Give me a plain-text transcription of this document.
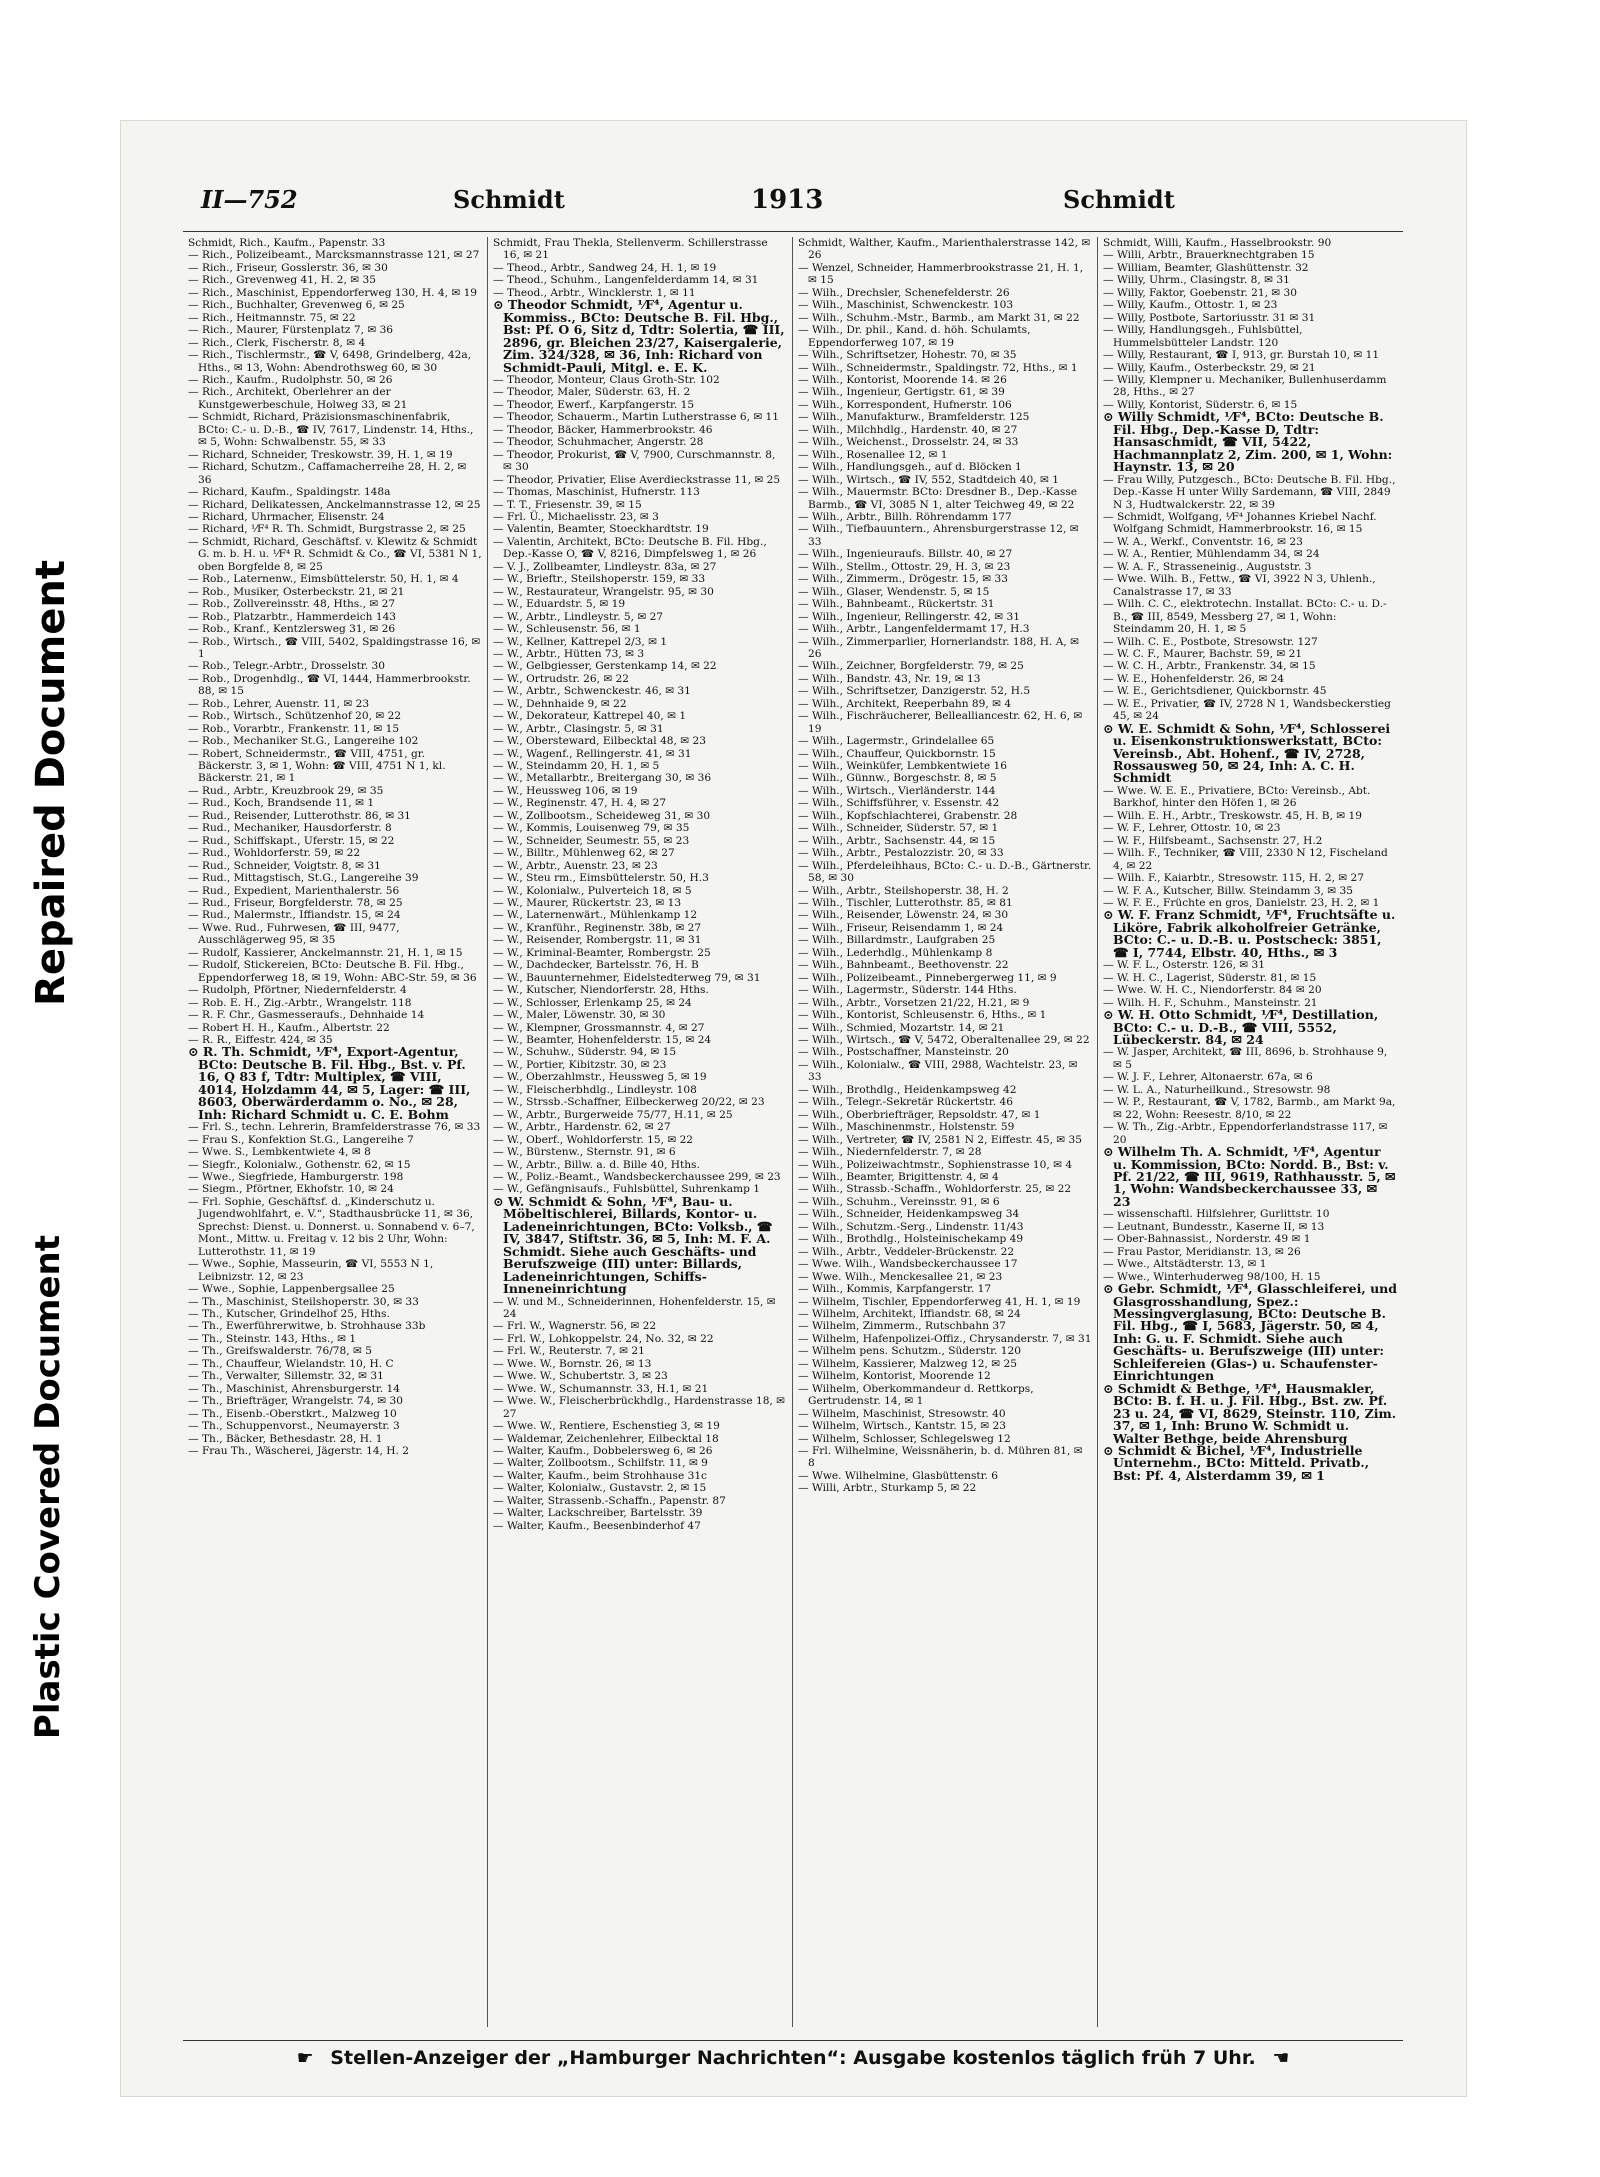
Repaired Document
Plastic Covered Document
II—752	Schmidt	1913	Schmidt

Schmidt, Rich., Kaufm., Papenstr. 33

— Rich., Polizeibeamt., Marcksmannstrasse 121, ✉ 27

— Rich., Friseur, Gosslerstr. 36, ✉ 30

— Rich., Grevenweg 41, H. 2, ✉ 35

— Rich., Maschinist, Eppendorferweg 130, H. 4, ✉ 19

— Rich., Buchhalter, Grevenweg 6, ✉ 25

— Rich., Heitmannstr. 75, ✉ 22

— Rich., Maurer, Fürstenplatz 7, ✉ 36

— Rich., Clerk, Fischerstr. 8, ✉ 4

— Rich., Tischlermstr., ☎ V, 6498, Grindelberg, 42a, Hths., ✉ 13, Wohn: Abendrothsweg 60, ✉ 30

— Rich., Kaufm., Rudolphstr. 50, ✉ 26

— Rich., Architekt, Oberlehrer an der Kunstgewerbeschule, Holweg 33, ✉ 21

— Schmidt, Richard, Präzisionsmaschinenfabrik, BCto: C.- u. D.-B., ☎ IV, 7617, Lindenstr. 14, Hths., ✉ 5, Wohn: Schwalbenstr. 55, ✉ 33

— Richard, Schneider, Treskowstr. 39, H. 1, ✉ 19

— Richard, Schutzm., Caffamacherreihe 28, H. 2, ✉ 36

— Richard, Kaufm., Spaldingstr. 148a

— Richard, Delikatessen, Anckelmannstrasse 12, ✉ 25

— Richard, Uhrmacher, Elisenstr. 24

— Richard, ⅟F⁴ R. Th. Schmidt, Burgstrasse 2, ✉ 25

— Schmidt, Richard, Geschäftsf. v. Klewitz & Schmidt G. m. b. H. u. ⅟F⁴ R. Schmidt & Co., ☎ VI, 5381 N 1, oben Borgfelde 8, ✉ 25

— Rob., Laternenw., Eimsbüttelerstr. 50, H. 1, ✉ 4

— Rob., Musiker, Osterbeckstr. 21, ✉ 21

— Rob., Zollvereinsstr. 48, Hths., ✉ 27

— Rob., Platzarbtr., Hammerdeich 143

— Rob., Kranf., Kentzlersweg 31, ✉ 26

— Rob., Wirtsch., ☎ VIII, 5402, Spaldingstrasse 16, ✉ 1

— Rob., Telegr.-Arbtr., Drosselstr. 30

— Rob., Drogenhdlg., ☎ VI, 1444, Hammerbrookstr. 88, ✉ 15

— Rob., Lehrer, Auenstr. 11, ✉ 23

— Rob., Wirtsch., Schützenhof 20, ✉ 22

— Rob., Vorarbtr., Frankenstr. 11, ✉ 15

— Rob., Mechaniker St.G., Langereihe 102

— Robert, Schneidermstr., ☎ VIII, 4751, gr. Bäckerstr. 3, ✉ 1, Wohn: ☎ VIII, 4751 N 1, kl. Bäckerstr. 21, ✉ 1

— Rud., Arbtr., Kreuzbrook 29, ✉ 35

— Rud., Koch, Brandsende 11, ✉ 1

— Rud., Reisender, Lutterothstr. 86, ✉ 31

— Rud., Mechaniker, Hausdorferstr. 8

— Rud., Schiffskapt., Uferstr. 15, ✉ 22

— Rud., Wohldorferstr. 59, ✉ 22

— Rud., Schneider, Voigtstr. 8, ✉ 31

— Rud., Mittagstisch, St.G., Langereihe 39

— Rud., Expedient, Marienthalerstr. 56

— Rud., Friseur, Borgfelderstr. 78, ✉ 25

— Rud., Malermstr., Iffiandstr. 15, ✉ 24

— Wwe. Rud., Fuhrwesen, ☎ III, 9477, Ausschlägerweg 95, ✉ 35

— Rudolf, Kassierer, Anckelmannstr. 21, H. 1, ✉ 15

— Rudolf, Stickereien, BCto: Deutsche B. Fil. Hbg., Eppendorferweg 18, ✉ 19, Wohn: ABC-Str. 59, ✉ 36

— Rudolph, Pförtner, Niedernfelderstr. 4

— Rob. E. H., Zig.-Arbtr., Wrangelstr. 118

— R. F. Chr., Gasmesseraufs., Dehnhaide 14

— Robert H. H., Kaufm., Albertstr. 22

— R. R., Eiffestr. 424, ✉ 35

⊙ R. Th. Schmidt, ⅟F⁴, Export-Agentur, BCto: Deutsche B. Fil. Hbg., Bst. v. Pf. 16, Q 83 f, Tdtr: Multiplex, ☎ VIII, 4014, Holzdamm 44, ✉ 5, Lager: ☎ III, 8603, Oberwärderdamm o. No., ✉ 28, Inh: Richard Schmidt u. C. E. Bohm

— Frl. S., techn. Lehrerin, Bramfelderstrasse 76, ✉ 33

— Frau S., Konfektion St.G., Langereihe 7

— Wwe. S., Lembkentwiete 4, ✉ 8

— Siegfr., Kolonialw., Gothenstr. 62, ✉ 15

— Wwe., Siegfriede, Hamburgerstr. 198

— Siegm., Pförtner, Ekhofstr. 10, ✉ 24

— Frl. Sophie, Geschäftsf. d. „Kinderschutz u. Jugendwohlfahrt, e. V.“, Stadthausbrücke 11, ✉ 36, Sprechst: Dienst. u. Donnerst. u. Sonnabend v. 6–7, Mont., Mittw. u. Freitag v. 12 bis 2 Uhr, Wohn: Lutterothstr. 11, ✉ 19

— Wwe., Sophie, Masseurin, ☎ VI, 5553 N 1, Leibnizstr. 12, ✉ 23

— Wwe., Sophie, Lappenbergsallee 25

— Th., Maschinist, Steilshoperstr. 30, ✉ 33

— Th., Kutscher, Grindelhof 25, Hths.

— Th., Ewerführerwitwe, b. Strohhause 33b

— Th., Steinstr. 143, Hths., ✉ 1

— Th., Greifswalderstr. 76/78, ✉ 5

— Th., Chauffeur, Wielandstr. 10, H. C

— Th., Verwalter, Sillemstr. 32, ✉ 31

— Th., Maschinist, Ahrensburgerstr. 14

— Th., Briefträger, Wrangelstr. 74, ✉ 30

— Th., Eisenb.-Oberstkrt., Malzweg 10

— Th., Schuppenvorst., Neumayerstr. 3

— Th., Bäcker, Bethesdastr. 28, H. 1

— Frau Th., Wäscherei, Jägerstr. 14, H. 2

Schmidt, Frau Thekla, Stellenverm. Schillerstrasse 16, ✉ 21

— Theod., Arbtr., Sandweg 24, H. 1, ✉ 19

— Theod., Schuhm., Langenfelderdamm 14, ✉ 31

— Theod., Arbtr., Wincklerstr. 1, ✉ 11

⊙ Theodor Schmidt, ⅟F⁴, Agentur u. Kommiss., BCto: Deutsche B. Fil. Hbg., Bst: Pf. O 6, Sitz d, Tdtr: Solertia, ☎ III, 2896, gr. Bleichen 23/27, Kaisergalerie, Zim. 324/328, ✉ 36, Inh: Richard von Schmidt-Pauli, Mitgl. e. E. K.

— Theodor, Monteur, Claus Groth-Str. 102

— Theodor, Maler, Süderstr. 63, H. 2

— Theodor, Ewerf., Karpfangerstr. 15

— Theodor, Schauerm., Martin Lutherstrasse 6, ✉ 11

— Theodor, Bäcker, Hammerbrookstr. 46

— Theodor, Schuhmacher, Angerstr. 28

— Theodor, Prokurist, ☎ V, 7900, Curschmannstr. 8, ✉ 30

— Theodor, Privatier, Elise Averdieckstrasse 11, ✉ 25

— Thomas, Maschinist, Hufnerstr. 113

— T. T., Friesenstr. 39, ✉ 15

— Frl. Ü., Michaelisstr. 23, ✉ 3

— Valentin, Beamter, Stoeckhardtstr. 19

— Valentin, Architekt, BCto: Deutsche B. Fil. Hbg., Dep.-Kasse O, ☎ V, 8216, Dimpfelsweg 1, ✉ 26

— V. J., Zollbeamter, Lindleystr. 83a, ✉ 27

— W., Brieftr., Steilshoperstr. 159, ✉ 33

— W., Restaurateur, Wrangelstr. 95, ✉ 30

— W., Eduardstr. 5, ✉ 19

— W., Arbtr., Lindleystr. 5, ✉ 27

— W., Schleusenstr. 56, ✉ 1

— W., Kellner, Kattrepel 2/3, ✉ 1

— W., Arbtr., Hütten 73, ✉ 3

— W., Gelbgiesser, Gerstenkamp 14, ✉ 22

— W., Ortrudstr. 26, ✉ 22

— W., Arbtr., Schwenckestr. 46, ✉ 31

— W., Dehnhaide 9, ✉ 22

— W., Dekorateur, Kattrepel 40, ✉ 1

— W., Arbtr., Clasingstr. 5, ✉ 31

— W., Obersteward, Eilbecktal 48, ✉ 23

— W., Wagenf., Rellingerstr. 41, ✉ 31

— W., Steindamm 20, H. 1, ✉ 5

— W., Metallarbtr., Breitergang 30, ✉ 36

— W., Heussweg 106, ✉ 19

— W., Reginenstr. 47, H. 4, ✉ 27

— W., Zollbootsm., Scheideweg 31, ✉ 30

— W., Kommis, Louisenweg 79, ✉ 35

— W., Schneider, Seumestr. 55, ✉ 23

— W., Billtr., Mühlenweg 62, ✉ 27

— W., Arbtr., Auenstr. 23, ✉ 23

— W., Steu rm., Eimsbüttelerstr. 50, H.3

— W., Kolonialw., Pulverteich 18, ✉ 5

— W., Maurer, Rückertstr. 23, ✉ 13

— W., Laternenwärt., Mühlenkamp 12

— W., Kranführ., Reginenstr. 38b, ✉ 27

— W., Reisender, Rombergstr. 11, ✉ 31

— W., Kriminal-Beamter, Rombergstr. 25

— W., Dachdecker, Bartelsstr. 76, H. B

— W., Bauunternehmer, Eidelstedterweg 79, ✉ 31

— W., Kutscher, Niendorferstr. 28, Hths.

— W., Schlosser, Erlenkamp 25, ✉ 24

— W., Maler, Löwenstr. 30, ✉ 30

— W., Klempner, Grossmannstr. 4, ✉ 27

— W., Beamter, Hohenfelderstr. 15, ✉ 24

— W., Schuhw., Süderstr. 94, ✉ 15

— W., Portier, Kibitzstr. 30, ✉ 23

— W., Oberzahlmstr., Heussweg 5, ✉ 19

— W., Fleischerbhdlg., Lindleystr. 108

— W., Strssb.-Schaffner, Eilbeckerweg 20/22, ✉ 23

— W., Arbtr., Burgerweide 75/77, H.11, ✉ 25

— W., Arbtr., Hardenstr. 62, ✉ 27

— W., Oberf., Wohldorferstr. 15, ✉ 22

— W., Bürstenw., Sternstr. 91, ✉ 6

— W., Arbtr., Billw. a. d. Bille 40, Hths.

— W., Poliz.-Beamt., Wandsbeckerchaussee 299, ✉ 23

— W., Gefängnisaufs., Fuhlsbüttel, Suhrenkamp 1

⊙ W. Schmidt & Sohn, ⅟F⁴, Bau- u. Möbeltischlerei, Billards, Kontor- u. Ladeneinrichtungen, BCto: Volksb., ☎ IV, 3847, Stiftstr. 36, ✉ 5, Inh: M. F. A. Schmidt. Siehe auch Geschäfts- und Berufszweige (III) unter: Billards, Ladeneinrichtungen, Schiffs-Inneneinrichtung

— W. und M., Schneiderinnen, Hohenfelderstr. 15, ✉ 24

— Frl. W., Wagnerstr. 56, ✉ 22

— Frl. W., Lohkoppelstr. 24, No. 32, ✉ 22

— Frl. W., Reuterstr. 7, ✉ 21

— Wwe. W., Bornstr. 26, ✉ 13

— Wwe. W., Schubertstr. 3, ✉ 23

— Wwe. W., Schumannstr. 33, H.1, ✉ 21

— Wwe. W., Fleischerbrückhdlg., Hardenstrasse 18, ✉ 27

— Wwe. W., Rentiere, Eschenstieg 3, ✉ 19

— Waldemar, Zeichenlehrer, Eilbecktal 18

— Walter, Kaufm., Dobbelersweg 6, ✉ 26

— Walter, Zollbootsm., Schilfstr. 11, ✉ 9

— Walter, Kaufm., beim Strohhause 31c

— Walter, Kolonialw., Gustavstr. 2, ✉ 15

— Walter, Strassenb.-Schaffn., Papenstr. 87

— Walter, Lackschreiber, Bartelsstr. 39

— Walter, Kaufm., Beesenbinderhof 47

Schmidt, Walther, Kaufm., Marienthalerstrasse 142, ✉ 26

— Wenzel, Schneider, Hammerbrookstrasse 21, H. 1, ✉ 15

— Wilh., Drechsler, Schenefelderstr. 26

— Wilh., Maschinist, Schwenckestr. 103

— Wilh., Schuhm.-Mstr., Barmb., am Markt 31, ✉ 22

— Wilh., Dr. phil., Kand. d. höh. Schulamts, Eppendorferweg 107, ✉ 19

— Wilh., Schriftsetzer, Hohestr. 70, ✉ 35

— Wilh., Schneidermstr., Spaldingstr. 72, Hths., ✉ 1

— Wilh., Kontorist, Moorende 14. ✉ 26

— Wilh., Ingenieur, Gertigstr. 61, ✉ 39

— Wilh., Korrespondent, Hufnerstr. 106

— Wilh., Manufakturw., Bramfelderstr. 125

— Wilh., Milchhdlg., Hardenstr. 40, ✉ 27

— Wilh., Weichenst., Drosselstr. 24, ✉ 33

— Wilh., Rosenallee 12, ✉ 1

— Wilh., Handlungsgeh., auf d. Blöcken 1

— Wilh., Wirtsch., ☎ IV, 552, Stadtdeich 40, ✉ 1

— Wilh., Mauermstr. BCto: Dresdner B., Dep.-Kasse Barmb., ☎ VI, 3085 N 1, alter Teichweg 49, ✉ 22

— Wilh., Arbtr., Billh. Röhrendamm 177

— Wilh., Tiefbauuntern., Ahrensburgerstrasse 12, ✉ 33

— Wilh., Ingenieuraufs. Billstr. 40, ✉ 27

— Wilh., Stellm., Ottostr. 29, H. 3, ✉ 23

— Wilh., Zimmerm., Drögestr. 15, ✉ 33

— Wilh., Glaser, Wendenstr. 5, ✉ 15

— Wilh., Bahnbeamt., Rückertstr. 31

— Wilh., Ingenieur, Rellingerstr. 42, ✉ 31

— Wilh., Arbtr., Langenfeldermamt 17, H.3

— Wilh., Zimmerparlier, Hornerlandstr. 188, H. A, ✉ 26

— Wilh., Zeichner, Borgfelderstr. 79, ✉ 25

— Wilh., Bandstr. 43, Nr. 19, ✉ 13

— Wilh., Schriftsetzer, Danzigerstr. 52, H.5

— Wilh., Architekt, Reeperbahn 89, ✉ 4

— Wilh., Fischräucherer, Bellealliancestr. 62, H. 6, ✉ 19

— Wilh., Lagermstr., Grindelallee 65

— Wilh., Chauffeur, Quickbornstr. 15

— Wilh., Weinküfer, Lembkentwiete 16

— Wilh., Günnw., Borgeschstr. 8, ✉ 5

— Wilh., Wirtsch., Vierländerstr. 144

— Wilh., Schiffsführer, v. Essenstr. 42

— Wilh., Kopfschlachterei, Grabenstr. 28

— Wilh., Schneider, Süderstr. 57, ✉ 1

— Wilh., Arbtr., Sachsenstr. 44, ✉ 15

— Wilh., Arbtr., Pestalozzistr. 20, ✉ 33

— Wilh., Pferdeleihhaus, BCto: C.- u. D.-B., Gärtnerstr. 58, ✉ 30

— Wilh., Arbtr., Steilshoperstr. 38, H. 2

— Wilh., Tischler, Lutterothstr. 85, ✉ 81

— Wilh., Reisender, Löwenstr. 24, ✉ 30

— Wilh., Friseur, Reisendamm 1, ✉ 24

— Wilh., Billardmstr., Laufgraben 25

— Wilh., Lederhdlg., Mühlenkamp 8

— Wilh., Bahnbeamt., Beethovenstr. 22

— Wilh., Polizeibeamt., Pinnebergerweg 11, ✉ 9

— Wilh., Lagermstr., Süderstr. 144 Hths.

— Wilh., Arbtr., Vorsetzen 21/22, H.21, ✉ 9

— Wilh., Kontorist, Schleusenstr. 6, Hths., ✉ 1

— Wilh., Schmied, Mozartstr. 14, ✉ 21

— Wilh., Wirtsch., ☎ V, 5472, Oberaltenallee 29, ✉ 22

— Wilh., Postschaffner, Mansteinstr. 20

— Wilh., Kolonialw., ☎ VIII, 2988, Wachtelstr. 23, ✉ 33

— Wilh., Brothdlg., Heidenkampsweg 42

— Wilh., Telegr.-Sekretär Rückertstr. 46

— Wilh., Oberbriefträger, Repsoldstr. 47, ✉ 1

— Wilh., Maschinenmstr., Holstenstr. 59

— Wilh., Vertreter, ☎ IV, 2581 N 2, Eiffestr. 45, ✉ 35

— Wilh., Niedernfelderstr. 7, ✉ 28

— Wilh., Polizeiwachtmstr., Sophienstrasse 10, ✉ 4

— Wilh., Beamter, Brigittenstr. 4, ✉ 4

— Wilh., Strassb.-Schaffn., Wohldorferstr. 25, ✉ 22

— Wilh., Schuhm., Vereinsstr. 91, ✉ 6

— Wilh., Schneider, Heidenkampsweg 34

— Wilh., Schutzm.-Serg., Lindenstr. 11/43

— Wilh., Brothdlg., Holsteinischekamp 49

— Wilh., Arbtr., Veddeler-Brückenstr. 22

— Wwe. Wilh., Wandsbeckerchaussee 17

— Wwe. Wilh., Menckesallee 21, ✉ 23

— Wilh., Kommis, Karpfangerstr. 17

— Wilhelm, Tischler, Eppendorferweg 41, H. 1, ✉ 19

— Wilhelm, Architekt, Iffiandstr. 68, ✉ 24

— Wilhelm, Zimmerm., Rutschbahn 37

— Wilhelm, Hafenpolizei-Offiz., Chrysanderstr. 7, ✉ 31

— Wilhelm pens. Schutzm., Süderstr. 120

— Wilhelm, Kassierer, Malzweg 12, ✉ 25

— Wilhelm, Kontorist, Moorende 12

— Wilhelm, Oberkommandeur d. Rettkorps, Gertrudenstr. 14, ✉ 1

— Wilhelm, Maschinist, Stresowstr. 40

— Wilhelm, Wirtsch., Kantstr. 15, ✉ 23

— Wilhelm, Schlosser, Schlegelsweg 12

— Frl. Wilhelmine, Weissnäherin, b. d. Mühren 81, ✉ 8

— Wwe. Wilhelmine, Glasbüttenstr. 6

— Willi, Arbtr., Sturkamp 5, ✉ 22

Schmidt, Willi, Kaufm., Hasselbrookstr. 90

— Willi, Arbtr., Brauerknechtgraben 15

— William, Beamter, Glashüttenstr. 32

— Willy, Uhrm., Clasingstr. 8, ✉ 31

— Willy, Faktor, Goebenstr. 21, ✉ 30

— Willy, Kaufm., Ottostr. 1, ✉ 23

— Willy, Postbote, Sartoriusstr. 31 ✉ 31

— Willy, Handlungsgeh., Fuhlsbüttel, Hummelsbütteler Landstr. 120

— Willy, Restaurant, ☎ I, 913, gr. Burstah 10, ✉ 11

— Willy, Kaufm., Osterbeckstr. 29, ✉ 21

— Willy, Klempner u. Mechaniker, Bullenhuserdamm 28, Hths., ✉ 27

— Willy, Kontorist, Süderstr. 6, ✉ 15

⊙ Willy Schmidt, ⅟F⁴, BCto: Deutsche B. Fil. Hbg., Dep.-Kasse D, Tdtr: Hansaschmidt, ☎ VII, 5422, Hachmannplatz 2, Zim. 200, ✉ 1, Wohn: Haynstr. 13, ✉ 20

— Frau Willy, Putzgesch., BCto: Deutsche B. Fil. Hbg., Dep.-Kasse H unter Willy Sardemann, ☎ VIII, 2849 N 3, Hudtwalckerstr. 22, ✉ 39

— Schmidt, Wolfgang, ⅟F⁴ Johannes Kriebel Nachf. Wolfgang Schmidt, Hammerbrookstr. 16, ✉ 15

— W. A., Werkf., Conventstr. 16, ✉ 23

— W. A., Rentier, Mühlendamm 34, ✉ 24

— W. A. F., Strasseneinig., Auguststr. 3

— Wwe. Wilh. B., Fettw., ☎ VI, 3922 N 3, Uhlenh., Canalstrasse 17, ✉ 33

— Wilh. C. C., elektrotechn. Installat. BCto: C.- u. D.-B., ☎ III, 8549, Messberg 27, ✉ 1, Wohn: Steindamm 20, H. 1, ✉ 5

— Wilh. C. E., Postbote, Stresowstr. 127

— W. C. F., Maurer, Bachstr. 59, ✉ 21

— W. C. H., Arbtr., Frankenstr. 34, ✉ 15

— W. E., Hohenfelderstr. 26, ✉ 24

— W. E., Gerichtsdiener, Quickbornstr. 45

— W. E., Privatier, ☎ IV, 2728 N 1, Wandsbeckerstieg 45, ✉ 24

⊙ W. E. Schmidt & Sohn, ⅟F⁴, Schlosserei u. Eisenkonstruktionswerkstatt, BCto: Vereinsb., Abt. Hohenf., ☎ IV, 2728, Rossausweg 50, ✉ 24, Inh: A. C. H. Schmidt

— Wwe. W. E. E., Privatiere, BCto: Vereinsb., Abt. Barkhof, hinter den Höfen 1, ✉ 26

— Wilh. E. H., Arbtr., Treskowstr. 45, H. B, ✉ 19

— W. F., Lehrer, Ottostr. 10, ✉ 23

— W. F., Hilfsbeamt., Sachsenstr. 27, H.2

— Wilh. F., Techniker, ☎ VIII, 2330 N 12, Fischeland 4, ✉ 22

— Wilh. F., Kaiarbtr., Stresowstr. 115, H. 2, ✉ 27

— W. F. A., Kutscher, Billw. Steindamm 3, ✉ 35

— W. F. E., Früchte en gros, Danielstr. 23, H. 2, ✉ 1

⊙ W. F. Franz Schmidt, ⅟F⁴, Fruchtsäfte u. Liköre, Fabrik alkoholfreier Getränke, BCto: C.- u. D.-B. u. Postscheck: 3851, ☎ I, 7744, Elbstr. 40, Hths., ✉ 3

— W. F. L., Osterstr. 126, ✉ 31

— W. H. C., Lagerist, Süderstr. 81, ✉ 15

— Wwe. W. H. C., Niendorferstr. 84 ✉ 20

— Wilh. H. F., Schuhm., Mansteinstr. 21

⊙ W. H. Otto Schmidt, ⅟F⁴, Destillation, BCto: C.- u. D.-B., ☎ VIII, 5552, Lübeckerstr. 84, ✉ 24

— W. Jasper, Architekt, ☎ III, 8696, b. Strohhause 9, ✉ 5

— W. J. F., Lehrer, Altonaerstr. 67a, ✉ 6

— W. L. A., Naturheilkund., Stresowstr. 98

— W. P., Restaurant, ☎ V, 1782, Barmb., am Markt 9a, ✉ 22, Wohn: Reesestr. 8/10, ✉ 22

— W. Th., Zig.-Arbtr., Eppendorferlandstrasse 117, ✉ 20

⊙ Wilhelm Th. A. Schmidt, ⅟F⁴, Agentur u. Kommission, BCto: Nordd. B., Bst: v. Pf. 21/22, ☎ III, 9619, Rathhausstr. 5, ✉ 1, Wohn: Wandsbeckerchaussee 33, ✉ 23

— wissenschaftl. Hilfslehrer, Gurlittstr. 10

— Leutnant, Bundesstr., Kaserne II, ✉ 13

— Ober-Bahnassist., Norderstr. 49 ✉ 1

— Frau Pastor, Meridianstr. 13, ✉ 26

— Wwe., Altstädterstr. 13, ✉ 1

— Wwe., Winterhuderweg 98/100, H. 15

⊙ Gebr. Schmidt, ⅟F⁴, Glasschleiferei, und Glasgrosshandlung, Spez.: Messingverglasung, BCto: Deutsche B. Fil. Hbg., ☎ I, 5683, Jägerstr. 50, ✉ 4, Inh: G. u. F. Schmidt. Siehe auch Geschäfts- u. Berufszweige (III) unter: Schleifereien (Glas-) u. Schaufenster-Einrichtungen

⊙ Schmidt & Bethge, ⅟F⁴, Hausmakler, BCto: B. f. H. u. J. Fil. Hbg., Bst. zw. Pf. 23 u. 24, ☎ VI, 8629, Steinstr. 110, Zim. 37, ✉ 1, Inh: Bruno W. Schmidt u. Walter Bethge, beide Ahrensburg

⊙ Schmidt & Bichel, ⅟F⁴, Industrielle Unternehm., BCto: Mitteld. Privatb., Bst: Pf. 4, Alsterdamm 39, ✉ 1

☛ Stellen-Anzeiger der „Hamburger Nachrichten“: Ausgabe kostenlos täglich früh 7 Uhr. ☚
